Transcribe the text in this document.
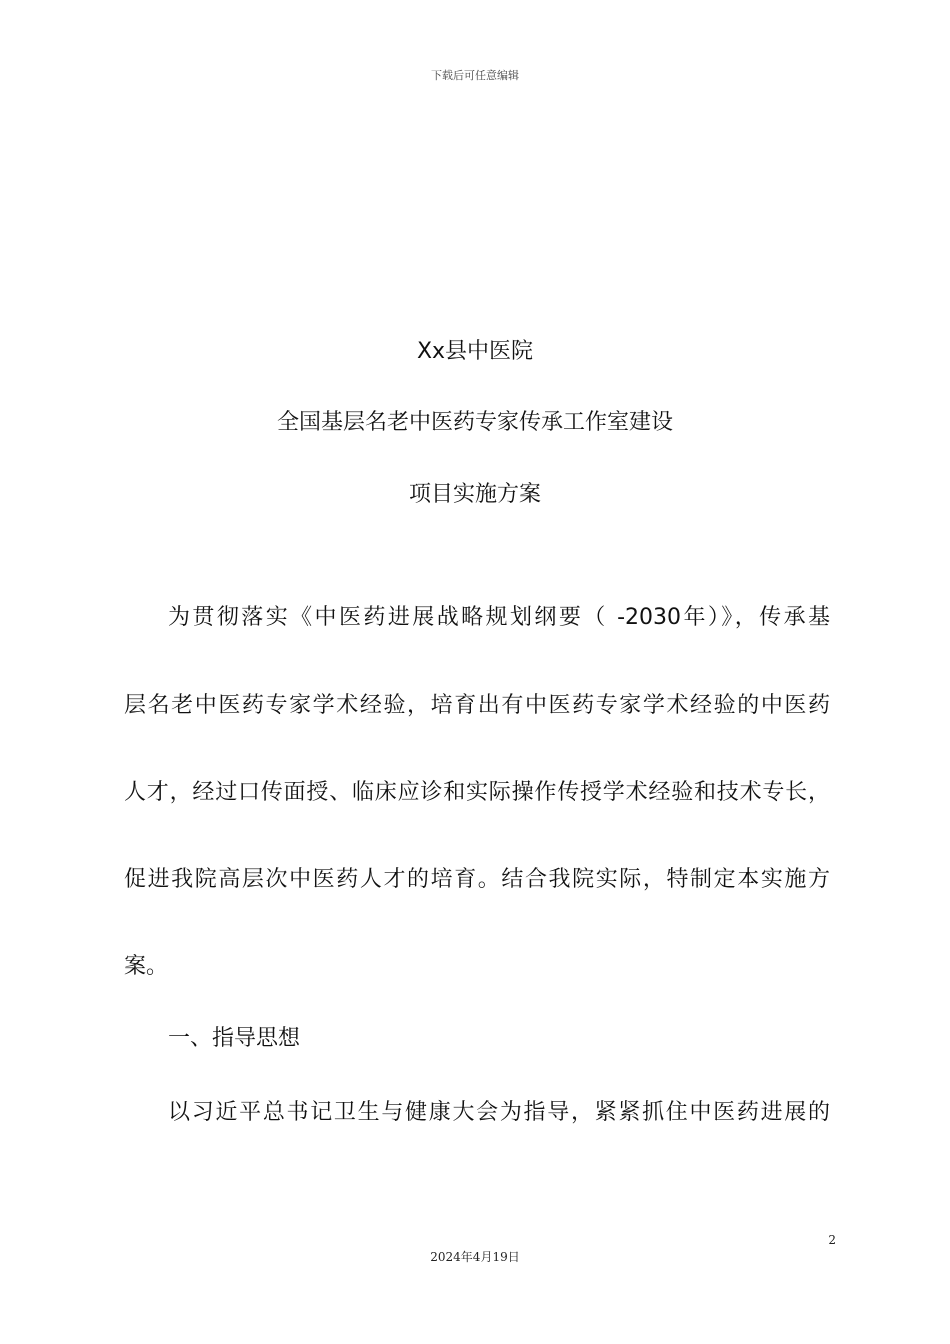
下载后可任意编辑
Xx县中医院
全国基层名老中医药专家传承工作室建设
项目实施方案
为贯彻落实《中医药进展战略规划纲要（ -2030年）》，传承基
层名老中医药专家学术经验，培育出有中医药专家学术经验的中医药
人才，经过口传面授、临床应诊和实际操作传授学术经验和技术专长，
促进我院高层次中医药人才的培育。结合我院实际，特制定本实施方
案。
一、指导思想
以习近平总书记卫生与健康大会为指导，紧紧抓住中医药进展的
2
2024年4月19日
